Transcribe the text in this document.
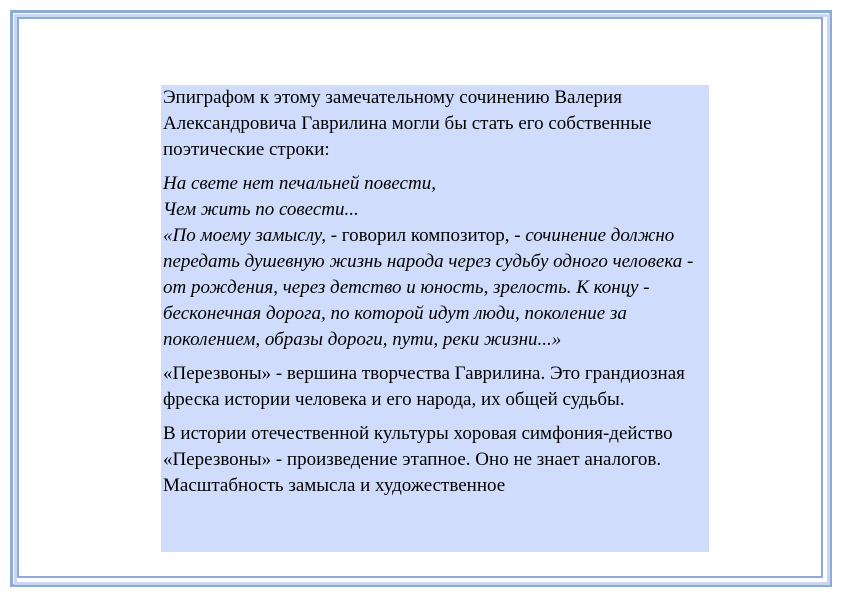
Эпиграфом к этому замечательному сочинению Валерия Александровича Гаврилина могли бы стать его собственные поэтические строки:

На свете нет печальней повести,
Чем жить по совести...

«По моему замыслу, - говорил композитор, - сочинение должно передать душевную жизнь народа через судьбу одного человека - от рождения, через детство и юность, зрелость. К концу - бесконечная дорога, по которой идут люди, поколение за поколением, образы дороги, пути, реки жизни...»

«Перезвоны» - вершина творчества Гаврилина. Это грандиозная фреска истории человека и его народа, их общей судьбы.

В истории отечественной культуры хоровая симфония-действо «Перезвоны» - произведение этапное. Оно не знает аналогов. Масштабность замысла и художественное
